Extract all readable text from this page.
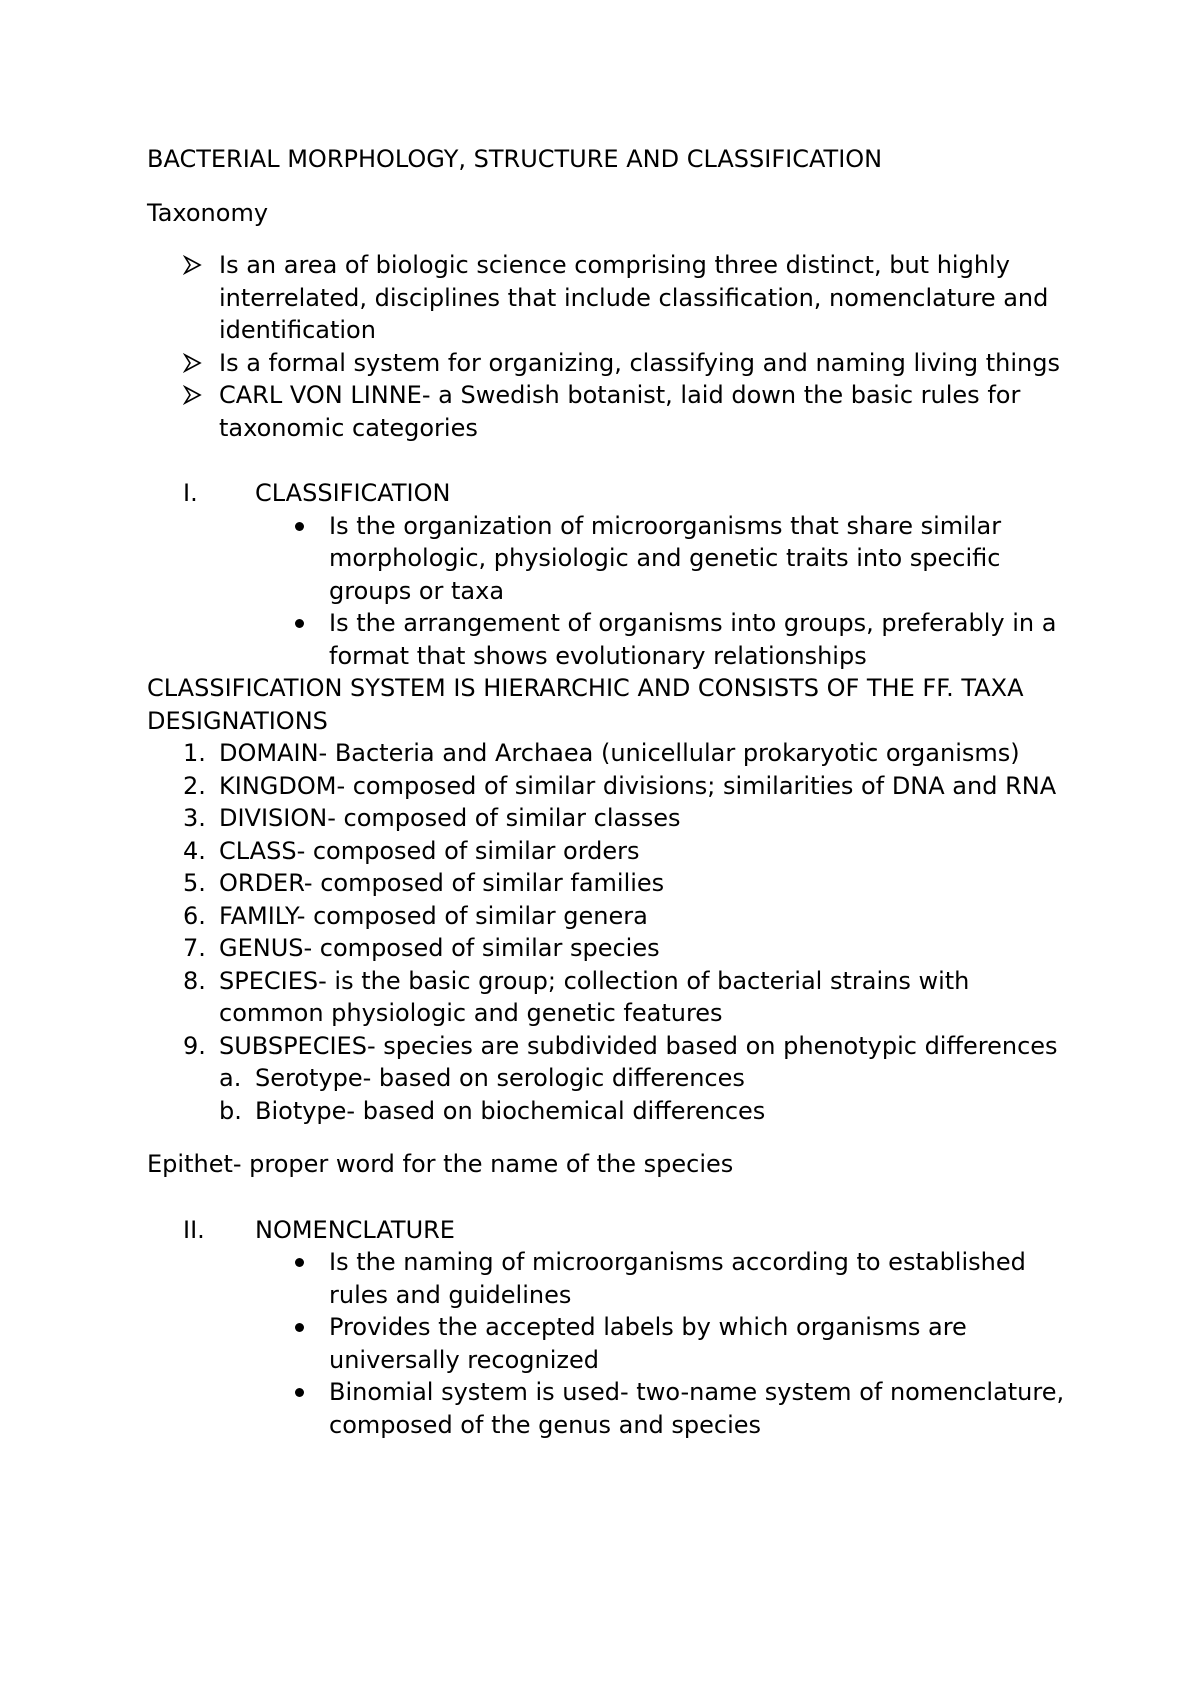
BACTERIAL MORPHOLOGY, STRUCTURE AND CLASSIFICATION
Taxonomy
Is an area of biologic science comprising three distinct, but highly interrelated, disciplines that include classification, nomenclature and identification
Is a formal system for organizing, classifying and naming living things
CARL VON LINNE- a Swedish botanist, laid down the basic rules for taxonomic categories
I. CLASSIFICATION
Is the organization of microorganisms that share similar morphologic, physiologic and genetic traits into specific groups or taxa
Is the arrangement of organisms into groups, preferably in a format that shows evolutionary relationships
CLASSIFICATION SYSTEM IS HIERARCHIC AND CONSISTS OF THE FF. TAXA DESIGNATIONS
1. DOMAIN- Bacteria and Archaea (unicellular prokaryotic organisms)
2. KINGDOM- composed of similar divisions; similarities of DNA and RNA
3. DIVISION- composed of similar classes
4. CLASS- composed of similar orders
5. ORDER- composed of similar families
6. FAMILY- composed of similar genera
7. GENUS- composed of similar species
8. SPECIES- is the basic group; collection of bacterial strains with common physiologic and genetic features
9. SUBSPECIES- species are subdivided based on phenotypic differences
a. Serotype- based on serologic differences
b. Biotype- based on biochemical differences
Epithet- proper word for the name of the species
II. NOMENCLATURE
Is the naming of microorganisms according to established rules and guidelines
Provides the accepted labels by which organisms are universally recognized
Binomial system is used- two-name system of nomenclature, composed of the genus and species
